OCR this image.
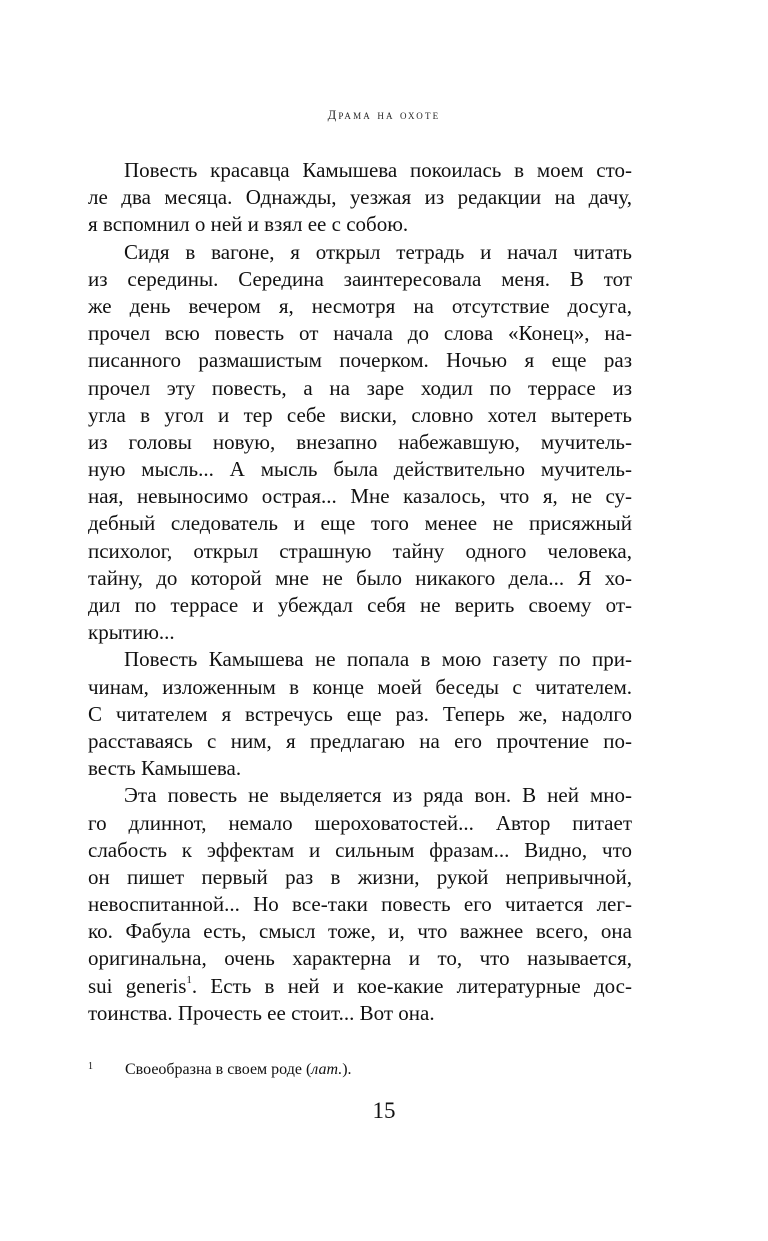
Драма на охоте
Повесть красавца Камышева покоилась в моем сто-
ле два месяца. Однажды, уезжая из редакции на дачу,
я вспомнил о ней и взял ее с собою.
Сидя в вагоне, я открыл тетрадь и начал читать
из середины. Середина заинтересовала меня. В тот
же день вечером я, несмотря на отсутствие досуга,
прочел всю повесть от начала до слова «Конец», на-
писанного размашистым почерком. Ночью я еще раз
прочел эту повесть, а на заре ходил по террасе из
угла в угол и тер себе виски, словно хотел вытереть
из головы новую, внезапно набежавшую, мучитель-
ную мысль... А мысль была действительно мучитель-
ная, невыносимо острая... Мне казалось, что я, не су-
дебный следователь и еще того менее не присяжный
психолог, открыл страшную тайну одного человека,
тайну, до которой мне не было никакого дела... Я хо-
дил по террасе и убеждал себя не верить своему от-
крытию...
Повесть Камышева не попала в мою газету по при-
чинам, изложенным в конце моей беседы с читателем.
С читателем я встречусь еще раз. Теперь же, надолго
расставаясь с ним, я предлагаю на его прочтение по-
весть Камышева.
Эта повесть не выделяется из ряда вон. В ней мно-
го длиннот, немало шероховатостей... Автор питает
слабость к эффектам и сильным фразам... Видно, что
он пишет первый раз в жизни, рукой непривычной,
невоспитанной... Но все-таки повесть его читается лег-
ко. Фабула есть, смысл тоже, и, что важнее всего, она
оригинальна, очень характерна и то, что называется,
sui generis$^1$. Есть в ней и кое-какие литературные дос-
тоинства. Прочесть ее стоит... Вот она.
1 Своеобразна в своем роде (лат.).
15
